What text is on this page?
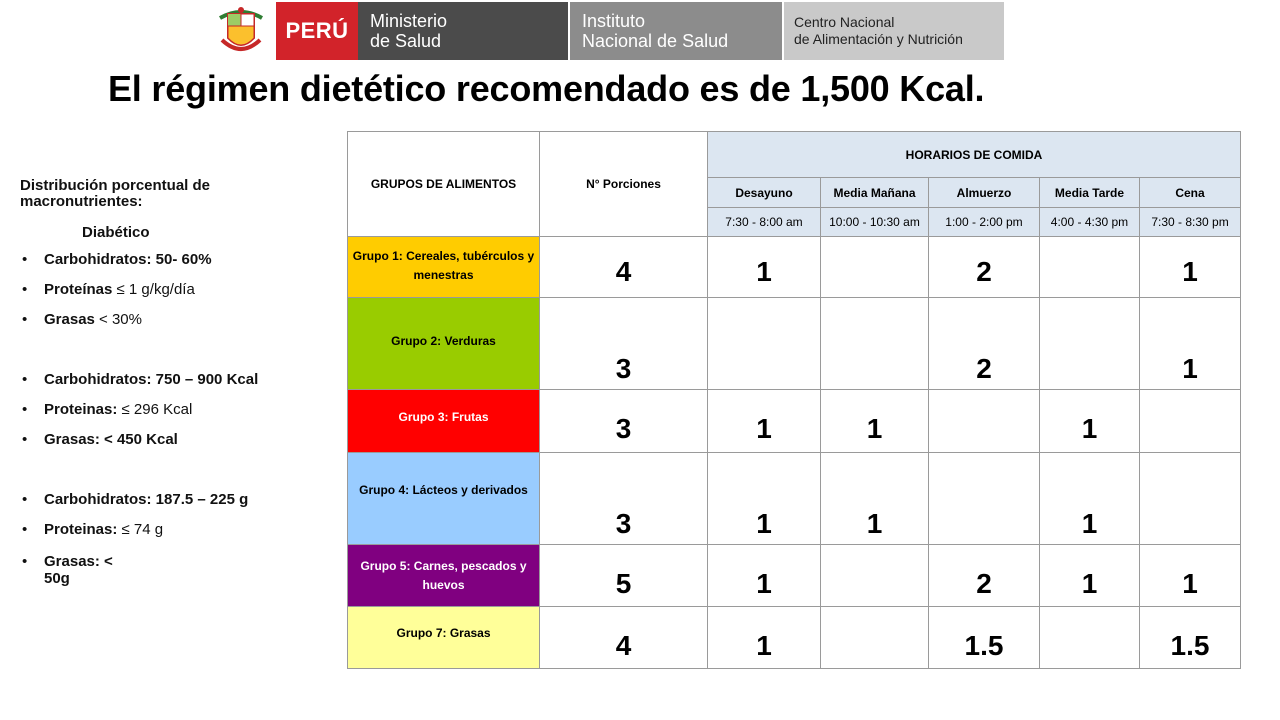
PERÚ Ministerio
de Salud
Instituto
Nacional de Salud
Centro Nacional
de Alimentación y Nutrición
El régimen dietético recomendado es de 1,500 Kcal.
Distribución porcentual de macronutrientes:
Diabético
• Carbohidratos: 50- 60%
• Proteínas ≤ 1 g/kg/día
• Grasas < 30%
• Carbohidratos: 750 – 900 Kcal
• Proteinas: ≤ 296 Kcal
• Grasas: < 450 Kcal
• Carbohidratos: 187.5 – 225 g
• Proteinas: ≤ 74 g
• Grasas: < 50g
GRUPOS DE ALIMENTOS	N° Porciones	HORARIOS DE COMIDA				
		Desayuno	Media Mañana	Almuerzo	Media Tarde	Cena
		7:30 - 8:00 am	10:00 - 10:30 am	1:00 - 2:00 pm	4:00 - 4:30 pm	7:30 - 8:30 pm
Grupo 1: Cereales, tubérculos y menestras	4	1		2		1
Grupo 2: Verduras	3			2		1
Grupo 3: Frutas	3	1	1		1	
Grupo 4: Lácteos y derivados	3	1	1		1	
Grupo 5: Carnes, pescados y huevos	5	1		2	1	1
Grupo 7: Grasas	4	1		1.5		1.5
